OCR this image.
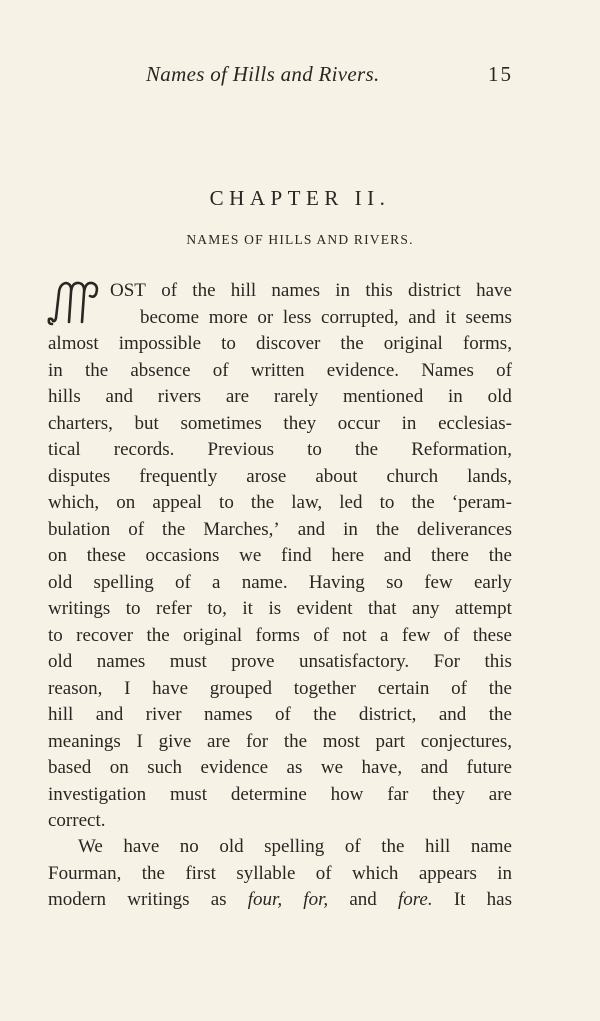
Names of Hills and Rivers.	15
CHAPTER II.
NAMES OF HILLS AND RIVERS.
OST of the hill names in this district have
become more or less corrupted, and it seems
almost impossible to discover the original forms,
in the absence of written evidence. Names of
hills and rivers are rarely mentioned in old
charters, but sometimes they occur in ecclesias-
tical records. Previous to the Reformation,
disputes frequently arose about church lands,
which, on appeal to the law, led to the ‘peram-
bulation of the Marches,’ and in the deliverances
on these occasions we find here and there the
old spelling of a name. Having so few early
writings to refer to, it is evident that any attempt
to recover the original forms of not a few of these
old names must prove unsatisfactory. For this
reason, I have grouped together certain of the
hill and river names of the district, and the
meanings I give are for the most part conjectures,
based on such evidence as we have, and future
investigation must determine how far they are
correct.
We have no old spelling of the hill name
Fourman, the first syllable of which appears in
modern writings as four, for, and fore. It has
